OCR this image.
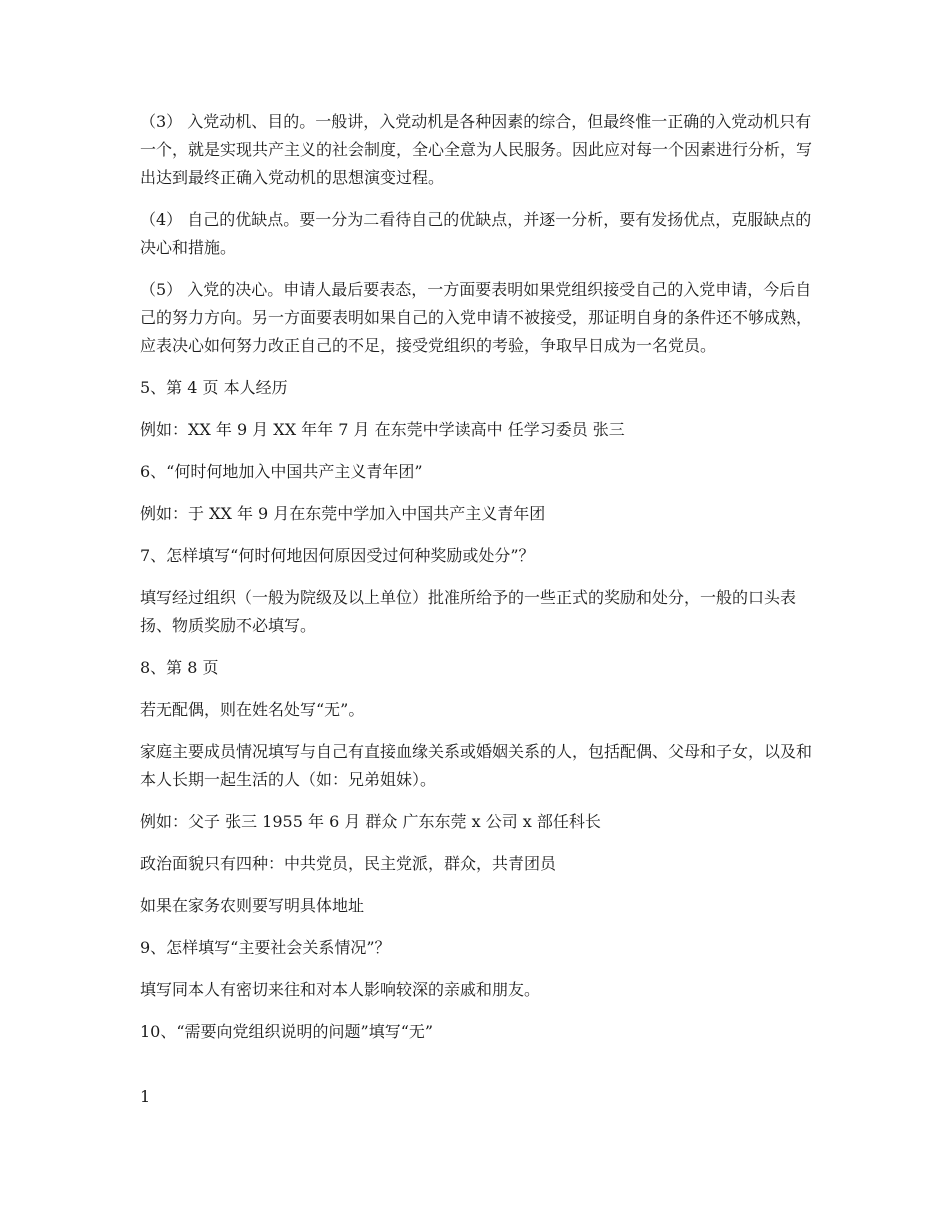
（3） 入党动机、目的。一般讲，入党动机是各种因素的综合，但最终惟一正确的入党动机只有一个，就是实现共产主义的社会制度，全心全意为人民服务。因此应对每一个因素进行分析，写出达到最终正确入党动机的思想演变过程。

（4） 自己的优缺点。要一分为二看待自己的优缺点，并逐一分析，要有发扬优点，克服缺点的决心和措施。

（5） 入党的决心。申请人最后要表态，一方面要表明如果党组织接受自己的入党申请，今后自己的努力方向。另一方面要表明如果自己的入党申请不被接受，那证明自身的条件还不够成熟，应表决心如何努力改正自己的不足，接受党组织的考验，争取早日成为一名党员。

5、第 4 页 本人经历

例如：XX 年 9 月 XX 年年 7 月 在东莞中学读高中 任学习委员 张三

6、“何时何地加入中国共产主义青年团”

例如：于 XX 年 9 月在东莞中学加入中国共产主义青年团

7、怎样填写“何时何地因何原因受过何种奖励或处分”？

填写经过组织（一般为院级及以上单位）批准所给予的一些正式的奖励和处分，一般的口头表扬、物质奖励不必填写。

8、第 8 页

若无配偶，则在姓名处写“无”。

家庭主要成员情况填写与自己有直接血缘关系或婚姻关系的人，包括配偶、父母和子女，以及和本人长期一起生活的人（如：兄弟姐妹）。

例如：父子 张三 1955 年 6 月 群众 广东东莞 x 公司 x 部任科长

政治面貌只有四种：中共党员，民主党派，群众，共青团员

如果在家务农则要写明具体地址

9、怎样填写“主要社会关系情况”？

填写同本人有密切来往和对本人影响较深的亲戚和朋友。

10、“需要向党组织说明的问题”填写“无”

1
